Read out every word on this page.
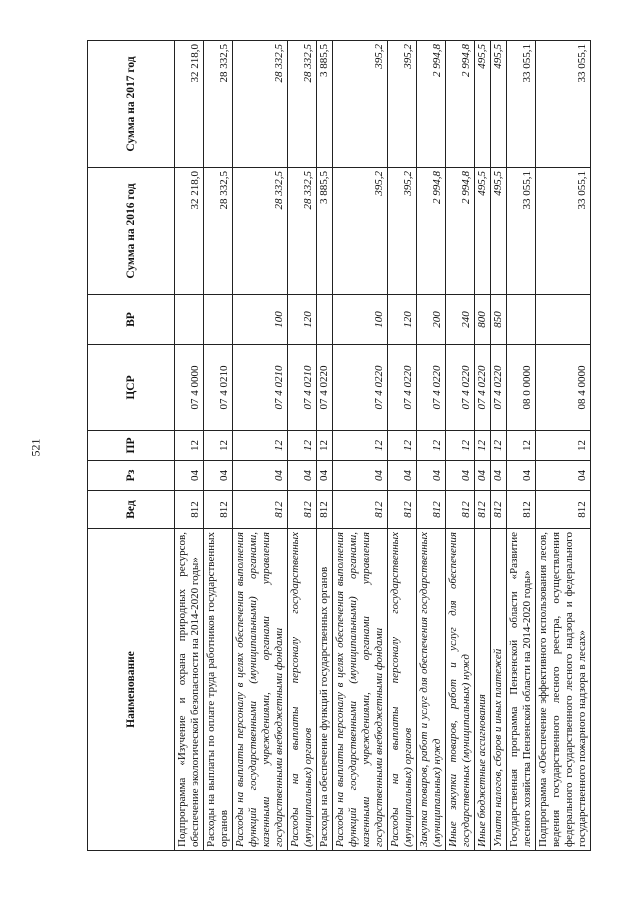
521
Наименование	Вед	Рз	ПР	ЦСР	ВР	Сумма на 2016 год	Сумма на 2017 год
Подпрограмма «Изучение и охрана природных ресурсов, обеспечение экологической безопасности на 2014-2020 годы»	812	04	12	07 4 0000		32 218,0	32 218,0
Расходы на выплаты по оплате труда работников государственных органов	812	04	12	07 4 0210		28 332,5	28 332,5
Расходы на выплаты персоналу в целях обеспечения выполнения функций государственными (муниципальными) органами, казенными учреждениями, органами управления государственными внебюджетными фондами	812	04	12	07 4 0210	100	28 332,5	28 332,5
Расходы на выплаты персоналу государственных (муниципальных) органов	812	04	12	07 4 0210	120	28 332,5	28 332,5
Расходы на обеспечение функций государственных органов	812	04	12	07 4 0220		3 885,5	3 885,5
Расходы на выплаты персоналу в целях обеспечения выполнения функций государственными (муниципальными) органами, казенными учреждениями, органами управления государственными внебюджетными фондами	812	04	12	07 4 0220	100	395,2	395,2
Расходы на выплаты персоналу государственных (муниципальных) органов	812	04	12	07 4 0220	120	395,2	395,2
Закупка товаров, работ и услуг для обеспечения государственных (муниципальных) нужд	812	04	12	07 4 0220	200	2 994,8	2 994,8
Иные закупки товаров, работ и услуг для обеспечения государственных (муниципальных) нужд	812	04	12	07 4 0220	240	2 994,8	2 994,8
Иные бюджетные ассигнования	812	04	12	07 4 0220	800	495,5	495,5
Уплата налогов, сборов и иных платежей	812	04	12	07 4 0220	850	495,5	495,5
Государственная программа Пензенской области «Развитие лесного хозяйства Пензенской области на 2014-2020 годы»	812	04	12	08 0 0000		33 055,1	33 055,1
Подпрограмма «Обеспечение эффективного использования лесов, ведения государственного лесного реестра, осуществления федерального государственного лесного надзора и федерального государственного пожарного надзора в лесах»	812	04	12	08 4 0000		33 055,1	33 055,1
